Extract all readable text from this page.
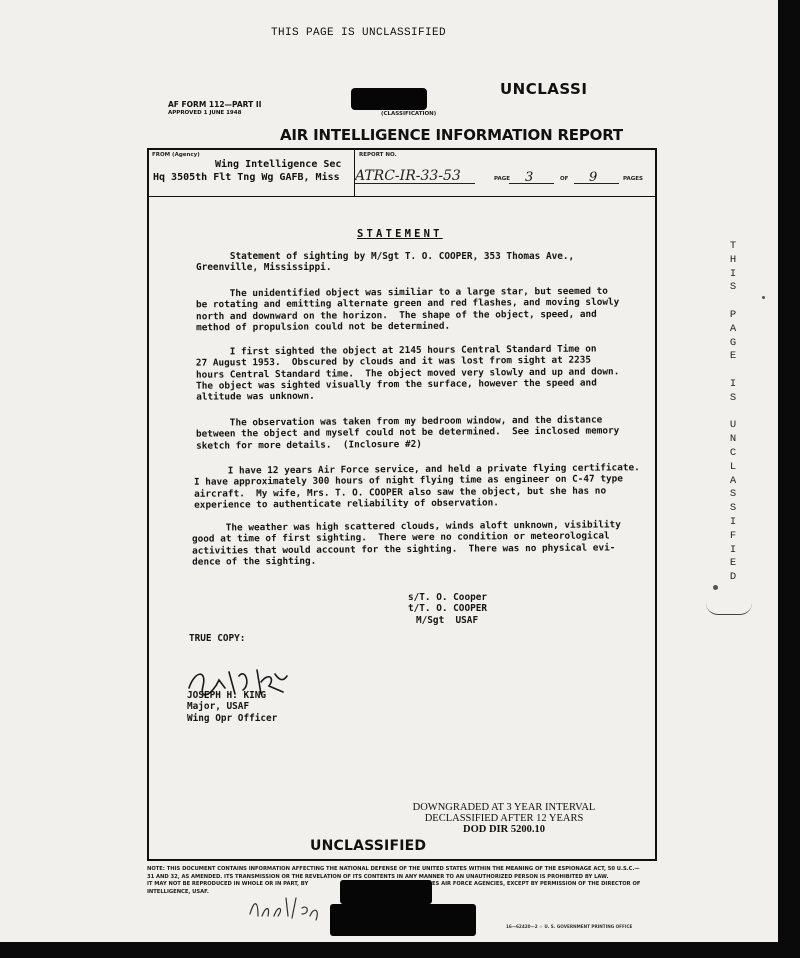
THIS PAGE IS UNCLASSIFIED
UNCLASSI
(CLASSIFICATION)
AF FORM 112—PART II
APPROVED 1 JUNE 1948
AIR INTELLIGENCE INFORMATION REPORT
FROM (Agency)
Wing Intelligence Sec
Hq 3505th Flt Tng Wg GAFB, Miss
REPORT NO.
ATRC-IR-33-53	PAGE 3	OF 9	PAGES
STATEMENT

Statement of sighting by M/Sgt T. O. COOPER, 353 Thomas Ave.,

Greenville, Mississippi.

The unidentified object was similiar to a large star, but seemed to

be rotating and emitting alternate green and red flashes, and moving slowly

north and downward on the horizon.  The shape of the object, speed, and

method of propulsion could not be determined.

I first sighted the object at 2145 hours Central Standard Time on

27 August 1953.  Obscured by clouds and it was lost from sight at 2235

hours Central Standard time.  The object moved very slowly and up and down.

The object was sighted visually from the surface, however the speed and

altitude was unknown.

The observation was taken from my bedroom window, and the distance

between the object and myself could not be determined.  See inclosed memory

sketch for more details.  (Inclosure #2)

I have 12 years Air Force service, and held a private flying certificate.

I have approximately 300 hours of night flying time as engineer on C-47 type

aircraft.  My wife, Mrs. T. O. COOPER also saw the object, but she has no

experience to authenticate reliability of observation.

The weather was high scattered clouds, winds aloft unknown, visibility

good at time of first sighting.  There were no condition or meteorological

activities that would account for the sighting.  There was no physical evi-

dence of the sighting.

s/T. O. Cooper

t/T. O. COOPER

M/Sgt  USAF

TRUE COPY:

JOSEPH H. KING

Major, USAF

Wing Opr Officer

DOWNGRADED AT 3 YEAR INTERVAL
DECLASSIFIED AFTER 12 YEARS
DOD DIR 5200.10
UNCLASSIFIED
NOTE: THIS DOCUMENT CONTAINS INFORMATION AFFECTING THE NATIONAL DEFENSE OF THE UNITED STATES WITHIN THE MEANING OF THE ESPIONAGE ACT, 50 U.S.C.—
31 AND 32, AS AMENDED. ITS TRANSMISSION OR THE REVELATION OF ITS CONTENTS IN ANY MANNER TO AN UNAUTHORIZED PERSON IS PROHIBITED BY LAW.
IT MAY NOT BE REPRODUCED IN WHOLE OR IN PART, BY
INTELLIGENCE, USAF.
ES AIR FORCE AGENCIES, EXCEPT BY PERMISSION OF THE DIRECTOR OF
16—62420—2 ☆ U. S. GOVERNMENT PRINTING OFFICE
T
H
I
S

P
A
G
E

I
S

U
N
C
L
A
S
S
I
F
I
E
D
